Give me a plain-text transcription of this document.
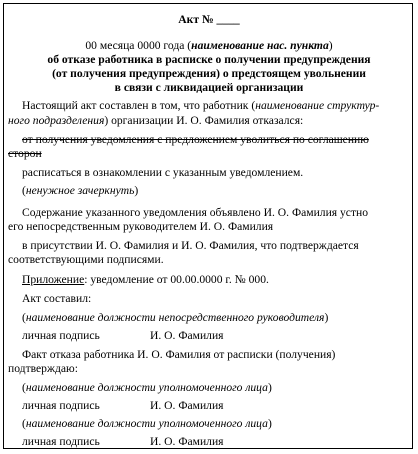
Акт № ____
00 месяца 0000 года (наименование нас. пункта)
об отказе работника в расписке о получении предупреждения
(от получения предупреждения) о предстоящем увольнении
в связи с ликвидацией организации
Настоящий акт составлен в том, что работник (наименование структур-
ного подразделения) организации И. О. Фамилия отказался:
от получения уведомления с предложением уволиться по соглашению
сторон
расписаться в ознакомлении с указанным уведомлением.
(ненужное зачеркнуть)
Содержание указанного уведомления объявлено И. О. Фамилия устно
его непосредственным руководителем И. О. Фамилия
в присутствии И. О. Фамилия и И. О. Фамилия, что подтверждается
соответствующими подписями.
Приложение: уведомление от 00.00.0000 г. № 000.
Акт составил:
(наименование должности непосредственного руководителя)
личная подпись	И. О. Фамилия
Факт отказа работника И. О. Фамилия от расписки (получения)
подтверждаю:
(наименование должности уполномоченного лица)
личная подпись	И. О. Фамилия
(наименование должности уполномоченного лица)
личная подпись	И. О. Фамилия
